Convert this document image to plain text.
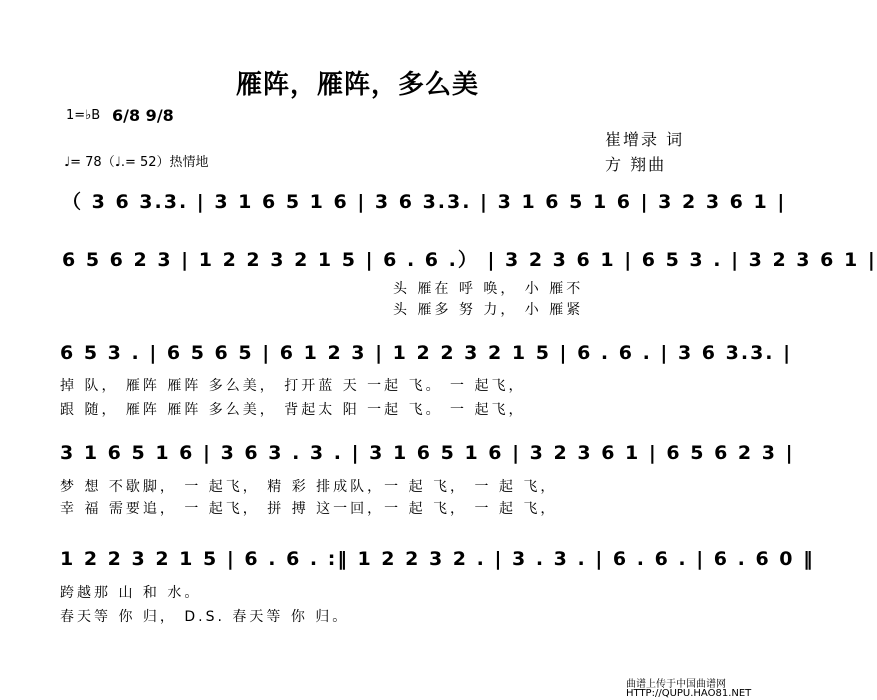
雁阵，雁阵，多么美
1=♭B 6/8 9/8
♩= 78（♩.= 52）热情地
崔增录 词
方 翔曲
（ 3 6 3.3. | 3 1 6 5 1 6 | 3 6 3.3. | 3 1 6 5 1 6 | 3 2 3 6 1 |
6 5 6 2 3 | 1 2 2 3 2 1 5 | 6 . 6 .） | 3 2 3 6 1 | 6 5 3 . | 3 2 3 6 1 |
头 雁在 呼 唤， 小 雁不
头 雁多 努 力， 小 雁紧
6 5 3 . | 6 5 6 5 | 6 1 2 3 | 1 2 2 3 2 1 5 | 6 . 6 . | 3 6 3.3. |
掉 队， 雁阵 雁阵 多么美， 打开蓝 天 一起 飞。 一 起飞，
跟 随， 雁阵 雁阵 多么美， 背起太 阳 一起 飞。 一 起飞，
3 1 6 5 1 6 | 3 6 3 . 3 . | 3 1 6 5 1 6 | 3 2 3 6 1 | 6 5 6 2 3 |
梦 想 不歇脚， 一 起飞， 精 彩 排成队，一 起 飞， 一 起 飞，
幸 福 需要追， 一 起飞， 拼 搏 这一回，一 起 飞， 一 起 飞，
1 2 2 3 2 1 5 | 6 . 6 . :‖ 1 2 2 3 2 . | 3 . 3 . | 6 . 6 . | 6 . 6 0 ‖
跨越那 山 和 水。
春天等 你 归， D.S. 春天等 你 归。
曲谱上传于中国曲谱网
HTTP://QUPU.HAO81.NET
